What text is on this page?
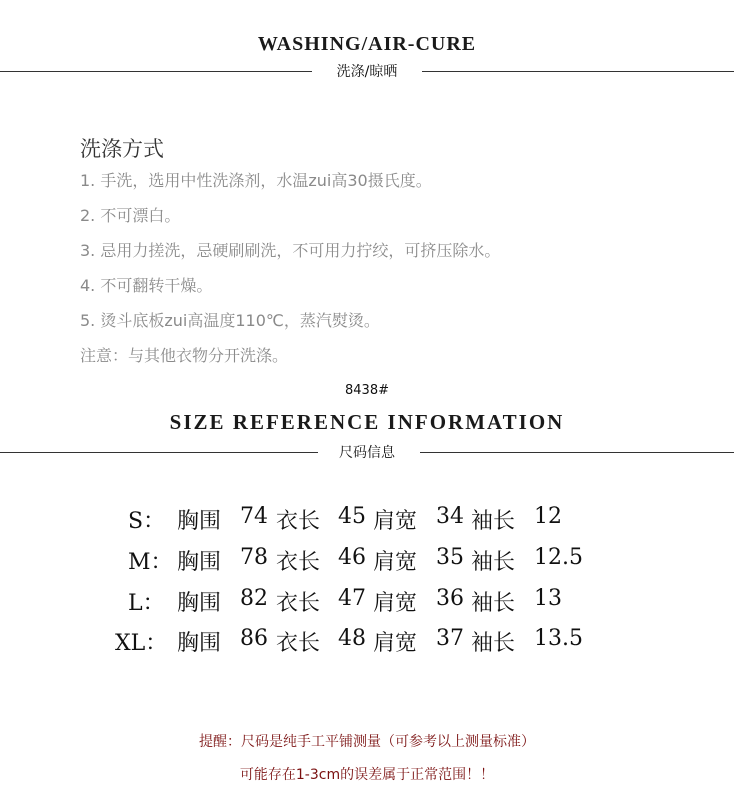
WASHING/AIR-CURE
洗涤/晾晒
洗涤方式
1. 手洗，选用中性洗涤剂，水温zui高30摄氏度。
2. 不可漂白。
3. 忌用力搓洗，忌硬刷刷洗，不可用力拧绞，可挤压除水。
4. 不可翻转干燥。
5. 烫斗底板zui高温度110℃，蒸汽熨烫。
注意：与其他衣物分开洗涤。
8438#
SIZE REFERENCE INFORMATION
尺码信息
S： 胸围 74 衣长 45 肩宽 34 袖长 12
M： 胸围 78 衣长 46 肩宽 35 袖长 12.5
L： 胸围 82 衣长 47 肩宽 36 袖长 13
XL： 胸围 86 衣长 48 肩宽 37 袖长 13.5
提醒：尺码是纯手工平铺测量（可参考以上测量标准）
可能存在1-3cm的误差属于正常范围！！
